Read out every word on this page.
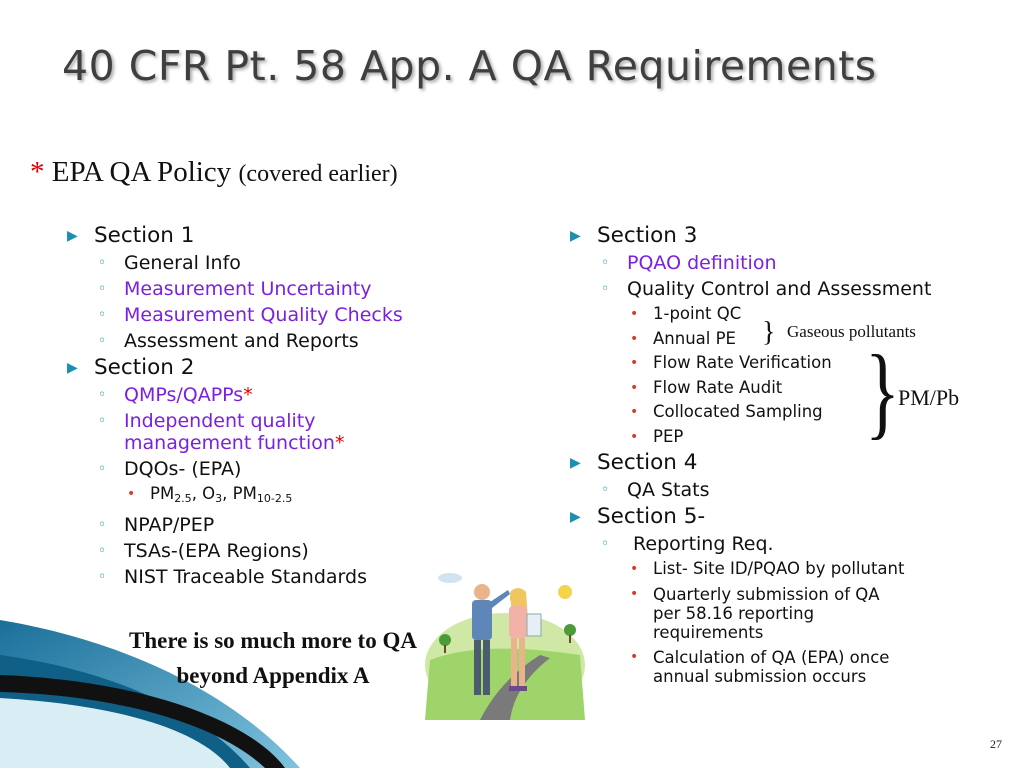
40 CFR Pt. 58 App. A QA Requirements
* EPA QA Policy (covered earlier)
▶ Section 1
◦ General Info
◦ Measurement Uncertainty
◦ Measurement Quality Checks
◦ Assessment and Reports
▶ Section 2
◦ QMPs/QAPPs*
◦ Independent quality management function*
◦ DQOs- (EPA)
• $PM_{2.5}$, $O_3$, $PM_{10-2.5}$
◦ NPAP/PEP
◦ TSAs-(EPA Regions)
◦ NIST Traceable Standards
▶ Section 3
◦ PQAO definition
◦ Quality Control and Assessment
• 1-point QC
• Annual PE
• Flow Rate Verification
• Flow Rate Audit
• Collocated Sampling
• PEP
▶ Section 4
◦ QA Stats
▶ Section 5-
◦ Reporting Req.
• List- Site ID/PQAO by pollutant
• Quarterly submission of QA per 58.16 reporting requirements
• Calculation of QA (EPA) once annual submission occurs
} Gaseous pollutants
}
PM/Pb
There is so much more to QA beyond Appendix A
27
